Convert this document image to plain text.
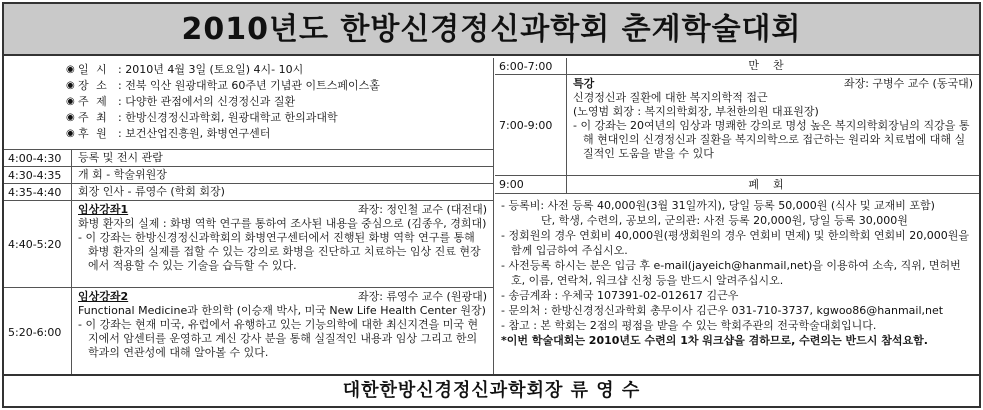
2010년도 한방신경정신과학회 춘계학술대회
◉ 일 시 : 2010년 4월 3일 (토요일) 4시- 10시
◉ 장 소 : 전북 익산 원광대학교 60주년 기념관 이트스페이스홀
◉ 주 제 : 다양한 관점에서의 신경정신과 질환
◉ 주 최 : 한방신경정신과학회, 원광대학교 한의과대학
◉ 후 원 : 보건산업진흥원, 화병연구센터
4:00-4:30	등록 및 전시 관람
4:30-4:35	개 회 - 학술위원장
4:35-4:40	회장 인사 - 류영수 (학회 회장)
4:40-5:20
임상강좌1	좌장: 정인철 교수 (대전대)
화병 환자의 실제 : 화병 역학 연구를 통하여 조사된 내용을 중심으로 (김종우, 경희대)
- 이 강좌는 한방신경정신과학회의 화병연구센터에서 진행된 화병 역학 연구를 통해 화병 환자의 실제를 접할 수 있는 강의로 화병을 진단하고 치료하는 임상 진료 현장에서 적용할 수 있는 기술을 습득할 수 있다.
5:20-6:00
임상강좌2	좌장: 류영수 교수 (원광대)
Functional Medicine과 한의학 (이승재 박사, 미국 New Life Health Center 원장)
- 이 강좌는 현재 미국, 유럽에서 유행하고 있는 기능의학에 대한 최신지견을 미국 현지에서 암센터를 운영하고 계신 강사 분을 통해 실질적인 내용과 임상 그리고 한의학과의 연관성에 대해 알아볼 수 있다.
6:00-7:00	만찬
7:00-9:00
특강	좌장: 구병수 교수 (동국대)
신경정신과 질환에 대한 복지의학적 접근
(노영범 회장 : 복지의학회장, 부천한의원 대표원장)
- 이 강좌는 20여년의 임상과 명쾌한 강의로 명성 높은 복지의학회장님의 직강을 통해 현대인의 신경정신과 질환을 복지의학으로 접근하는 원리와 치료법에 대해 실질적인 도움을 받을 수 있다
9:00	폐회
- 등록비: 사전 등록 40,000원(3월 31일까지), 당일 등록 50,000원 (식사 및 교재비 포함)
단, 학생, 수련의, 공보의, 군의관: 사전 등록 20,000원, 당일 등록 30,000원
- 정회원의 경우 연회비 40,000원(평생회원의 경우 연회비 면제) 및 한의학회 연회비 20,000원을 함께 입금하여 주십시오.
- 사전등록 하시는 분은 입금 후 e-mail(jayeich@hanmail,net)을 이용하여 소속, 직위, 면허번호, 이름, 연락처, 워크샵 신청 등을 반드시 알려주십시오.
- 송금계좌 : 우체국 107391-02-012617 김근우
- 문의처 : 한방신경정신과학회 총무이사 김근우 031-710-3737, kgwoo86@hanmail,net
- 참고 : 본 학회는 2점의 평점을 받을 수 있는 학회주관의 전국학술대회입니다.
*이번 학술대회는 2010년도 수련의 1차 워크샵을 겸하므로, 수련의는 반드시 참석요함.
대한한방신경정신과학회장 류 영 수
